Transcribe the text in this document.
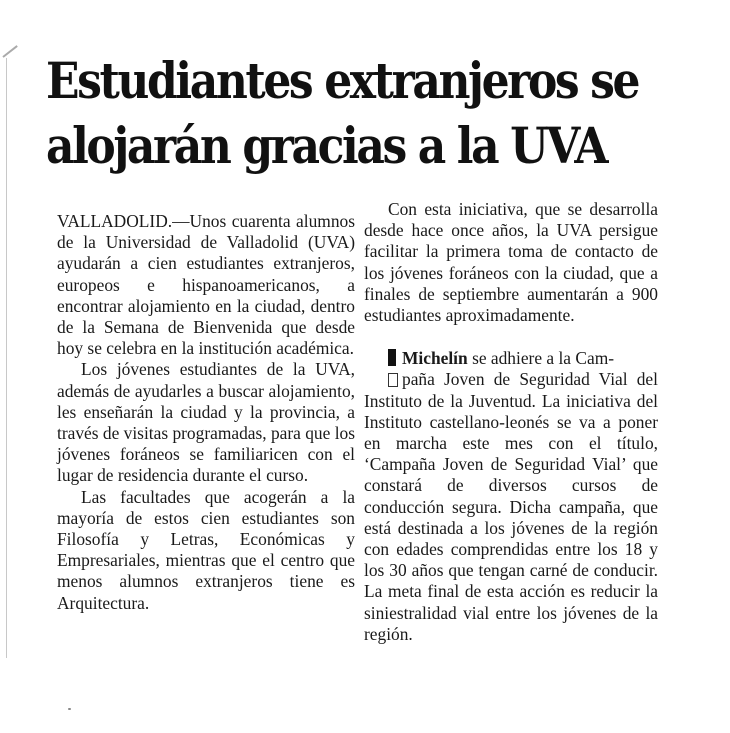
Estudiantes extranjeros se
alojarán gracias a la UVA

VALLADOLID.—Unos cuarenta alumnos de la Universidad de Valladolid (UVA) ayudarán a cien estudiantes extranjeros, europeos e hispanoamericanos, a encontrar alojamiento en la ciudad, dentro de la Semana de Bienvenida que desde hoy se celebra en la institución académica.

Los jóvenes estudiantes de la UVA, además de ayudarles a buscar alojamiento, les enseñarán la ciudad y la provincia, a través de visitas programadas, para que los jóvenes foráneos se familiaricen con el lugar de residencia durante el curso.

Las facultades que acogerán a la mayoría de estos cien estudiantes son Filosofía y Letras, Económicas y Empresariales, mientras que el centro que menos alumnos extranjeros tiene es Arquitectura.

Con esta iniciativa, que se desarrolla desde hace once años, la UVA persigue facilitar la primera toma de contacto de los jóvenes foráneos con la ciudad, que a finales de septiembre aumentarán a 900 estudiantes aproximadamente.

Michelín se adhiere a la Cam-

paña Joven de Seguridad Vial del Instituto de la Juventud. La iniciativa del Instituto castellano-leonés se va a poner en marcha este mes con el título, ‘Campaña Joven de Seguridad Vial’ que constará de diversos cursos de conducción segura. Dicha campaña, que está destinada a los jóvenes de la región con edades comprendidas entre los 18 y los 30 años que tengan carné de conducir. La meta final de esta acción es reducir la siniestralidad vial entre los jóvenes de la región.
